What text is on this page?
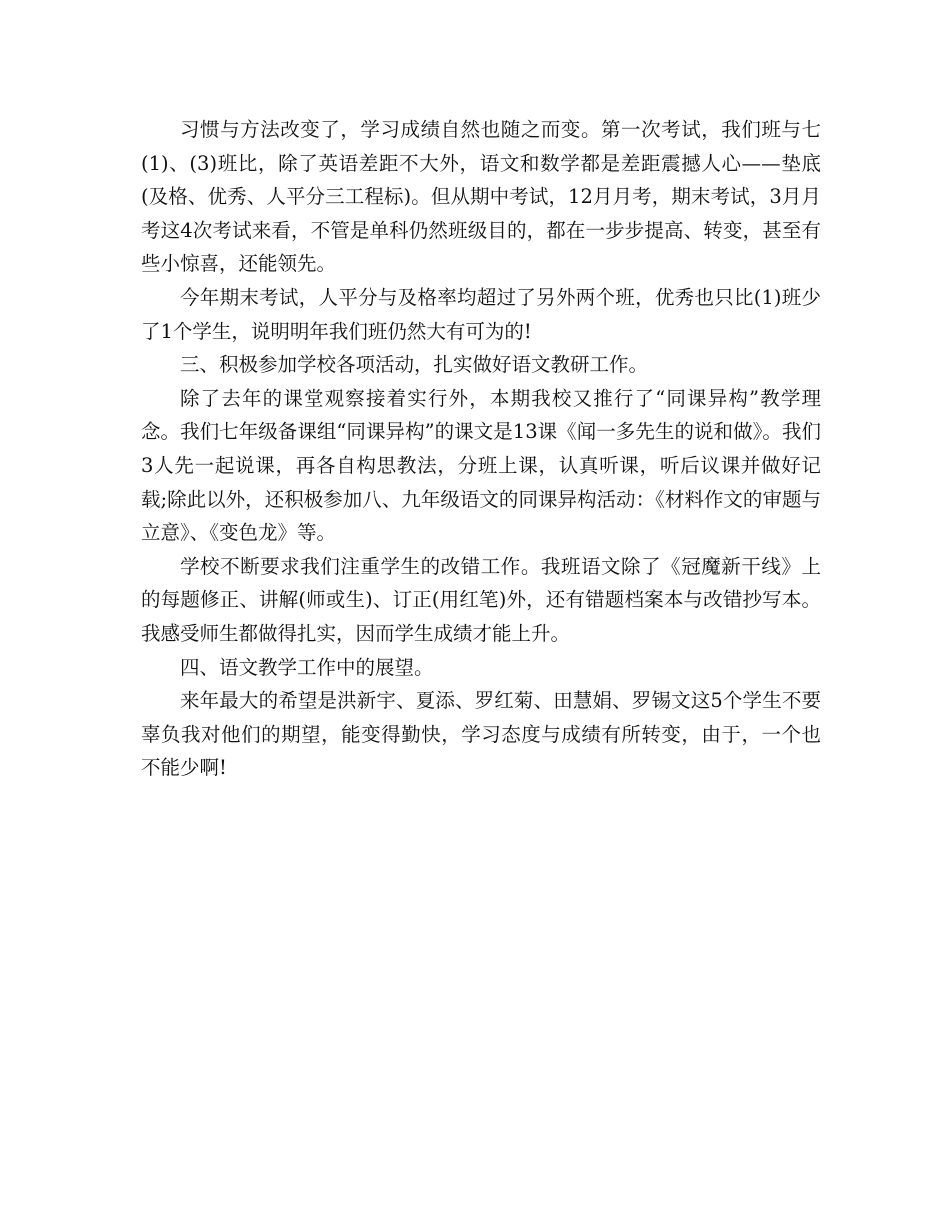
习惯与方法改变了，学习成绩自然也随之而变。第一次考试，我们班与七(1)、(3)班比，除了英语差距不大外，语文和数学都是差距震撼人心——垫底(及格、优秀、人平分三工程标)。但从期中考试，12月月考，期末考试，3月月考这4次考试来看，不管是单科仍然班级目的，都在一步步提高、转变，甚至有些小惊喜，还能领先。

今年期末考试，人平分与及格率均超过了另外两个班，优秀也只比(1)班少了1个学生，说明明年我们班仍然大有可为的!

三、积极参加学校各项活动，扎实做好语文教研工作。

除了去年的课堂观察接着实行外，本期我校又推行了“同课异构”教学理念。我们七年级备课组“同课异构”的课文是13课《闻一多先生的说和做》。我们3人先一起说课，再各自构思教法，分班上课，认真听课，听后议课并做好记载;除此以外，还积极参加八、九年级语文的同课异构活动：《材料作文的审题与立意》、《变色龙》等。

学校不断要求我们注重学生的改错工作。我班语文除了《冠魔新干线》上的每题修正、讲解(师或生)、订正(用红笔)外，还有错题档案本与改错抄写本。我感受师生都做得扎实，因而学生成绩才能上升。

四、语文教学工作中的展望。

来年最大的希望是洪新宇、夏添、罗红菊、田慧娟、罗锡文这5个学生不要辜负我对他们的期望，能变得勤快，学习态度与成绩有所转变，由于，一个也不能少啊!
